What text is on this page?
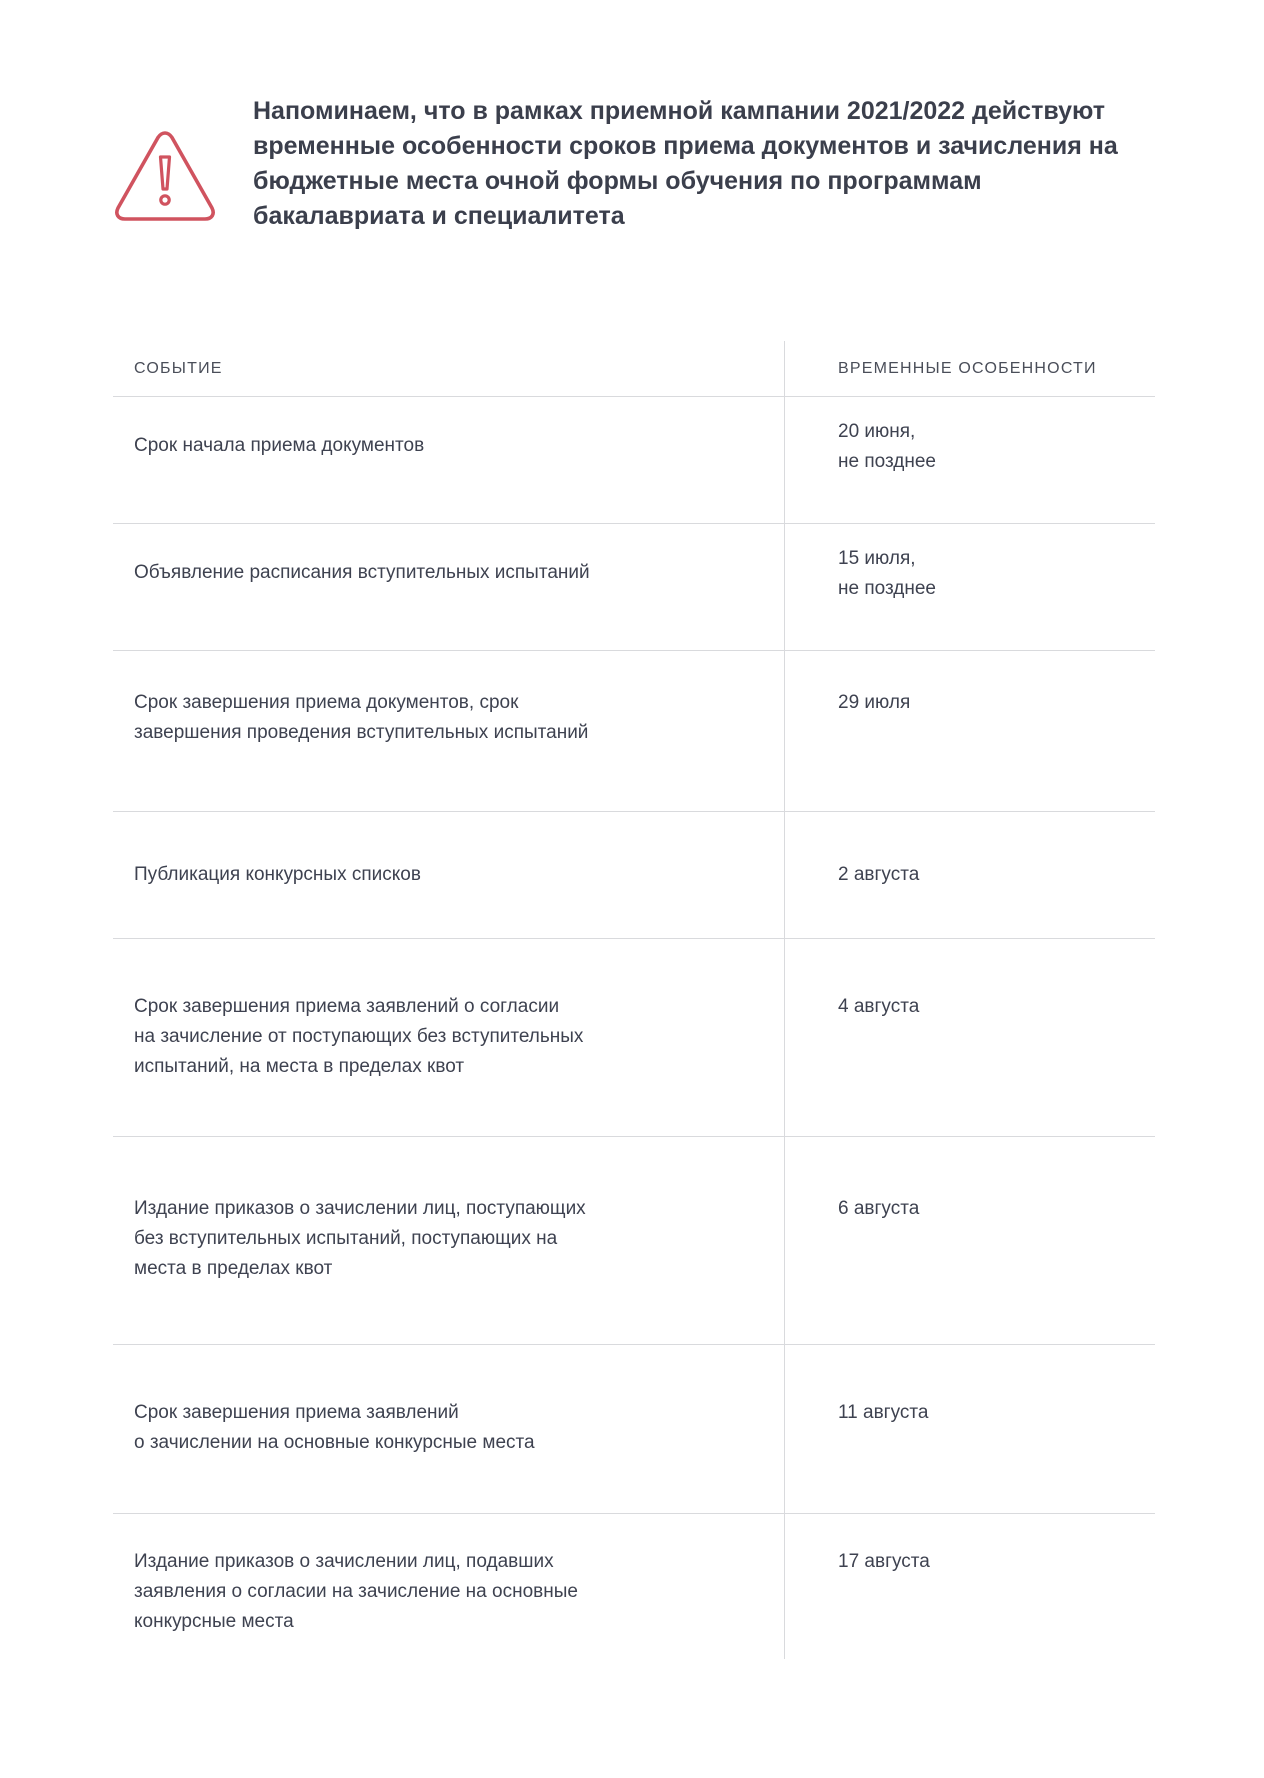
Напоминаем, что в рамках приемной кампании 2021/2022 действуют
временные особенности сроков приема документов и зачисления на
бюджетные места очной формы обучения по программам
бакалавриата и специалитета
СОБЫТИЕ	ВРЕМЕННЫЕ ОСОБЕННОСТИ
Срок начала приема документов
20 июня,
не позднее
Объявление расписания вступительных испытаний
15 июля,
не позднее
Срок завершения приема документов, срок
завершения проведения вступительных испытаний
29 июля
Публикация конкурсных списков	2 августа
Срок завершения приема заявлений о согласии
на зачисление от поступающих без вступительных
испытаний, на места в пределах квот
4 августа
Издание приказов о зачислении лиц, поступающих
без вступительных испытаний, поступающих на
места в пределах квот
6 августа
Срок завершения приема заявлений
о зачислении на основные конкурсные места
11 августа
Издание приказов о зачислении лиц, подавших
заявления о согласии на зачисление на основные
конкурсные места
17 августа
